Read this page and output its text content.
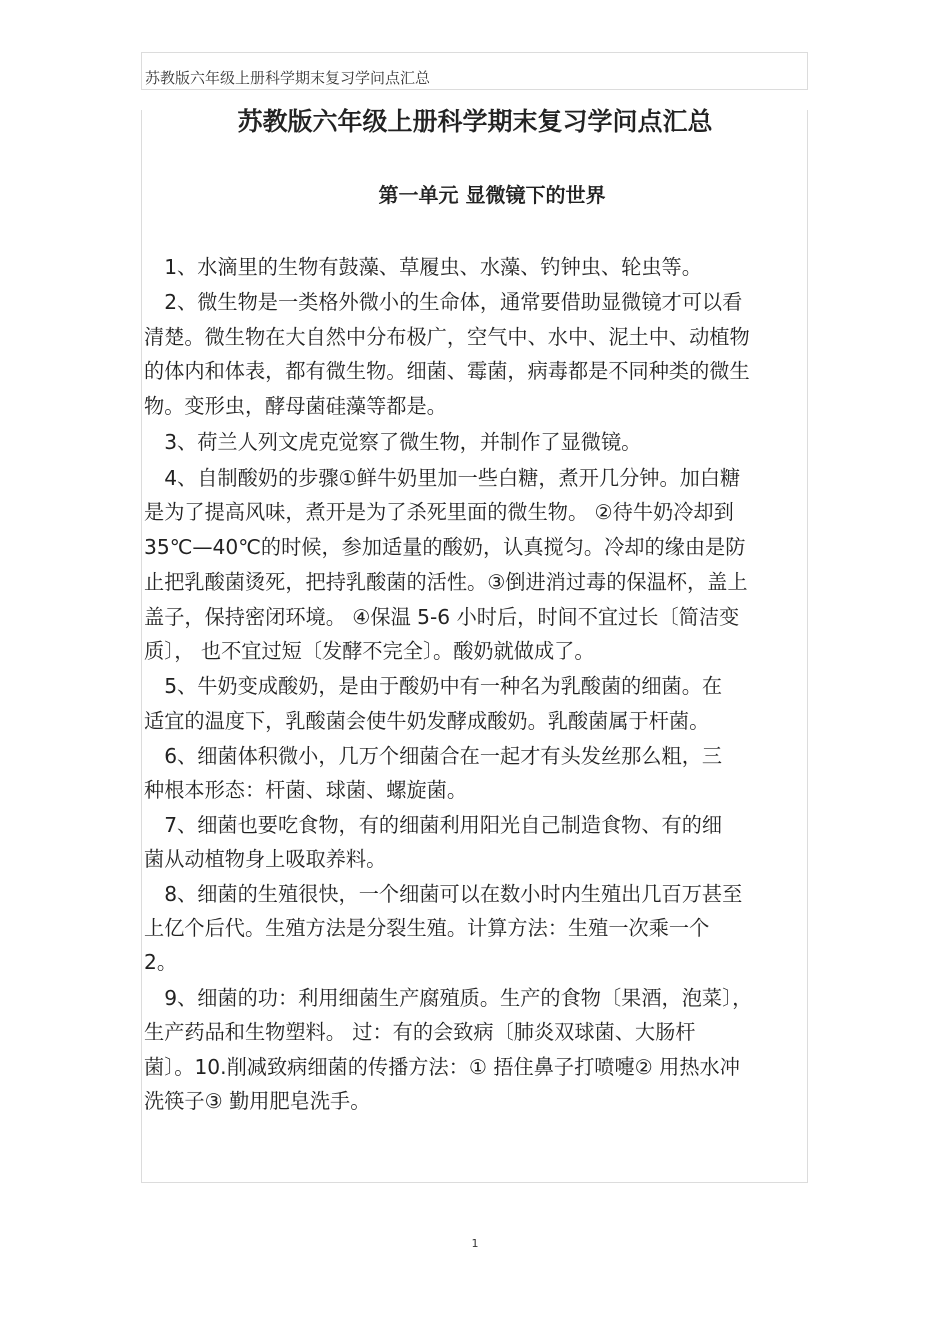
苏教版六年级上册科学期末复习学问点汇总
苏教版六年级上册科学期末复习学问点汇总
第一单元 显微镜下的世界
　1、水滴里的生物有鼓藻、草履虫、水藻、钓钟虫、轮虫等。
　2、微生物是一类格外微小的生命体，通常要借助显微镜才可以看
清楚。微生物在大自然中分布极广，空气中、水中、泥土中、动植物
的体内和体表，都有微生物。细菌、霉菌，病毒都是不同种类的微生
物。变形虫，酵母菌硅藻等都是。
　3、荷兰人列文虎克觉察了微生物，并制作了显微镜。
　4、自制酸奶的步骤①鲜牛奶里加一些白糖，煮开几分钟。加白糖
是为了提高风味，煮开是为了杀死里面的微生物。 ②待牛奶冷却到
35℃—40℃的时候，参加适量的酸奶，认真搅匀。冷却的缘由是防
止把乳酸菌烫死，把持乳酸菌的活性。③倒进消过毒的保温杯，盖上
盖子，保持密闭环境。 ④保温 5-6 小时后，时间不宜过长〔简洁变
质〕， 也不宜过短〔发酵不完全〕。酸奶就做成了。
　5、牛奶变成酸奶，是由于酸奶中有一种名为乳酸菌的细菌。在
适宜的温度下，乳酸菌会使牛奶发酵成酸奶。乳酸菌属于杆菌。
　6、细菌体积微小，几万个细菌合在一起才有头发丝那么粗，三
种根本形态：杆菌、球菌、螺旋菌。
　7、细菌也要吃食物，有的细菌利用阳光自己制造食物、有的细
菌从动植物身上吸取养料。
　8、细菌的生殖很快，一个细菌可以在数小时内生殖出几百万甚至
上亿个后代。生殖方法是分裂生殖。计算方法：生殖一次乘一个
2。
　9、细菌的功：利用细菌生产腐殖质。生产的食物〔果酒，泡菜〕，
生产药品和生物塑料。 过：有的会致病〔肺炎双球菌、大肠杆
菌〕。10.削减致病细菌的传播方法：① 捂住鼻子打喷嚏② 用热水冲
洗筷子③ 勤用肥皂洗手。
1
